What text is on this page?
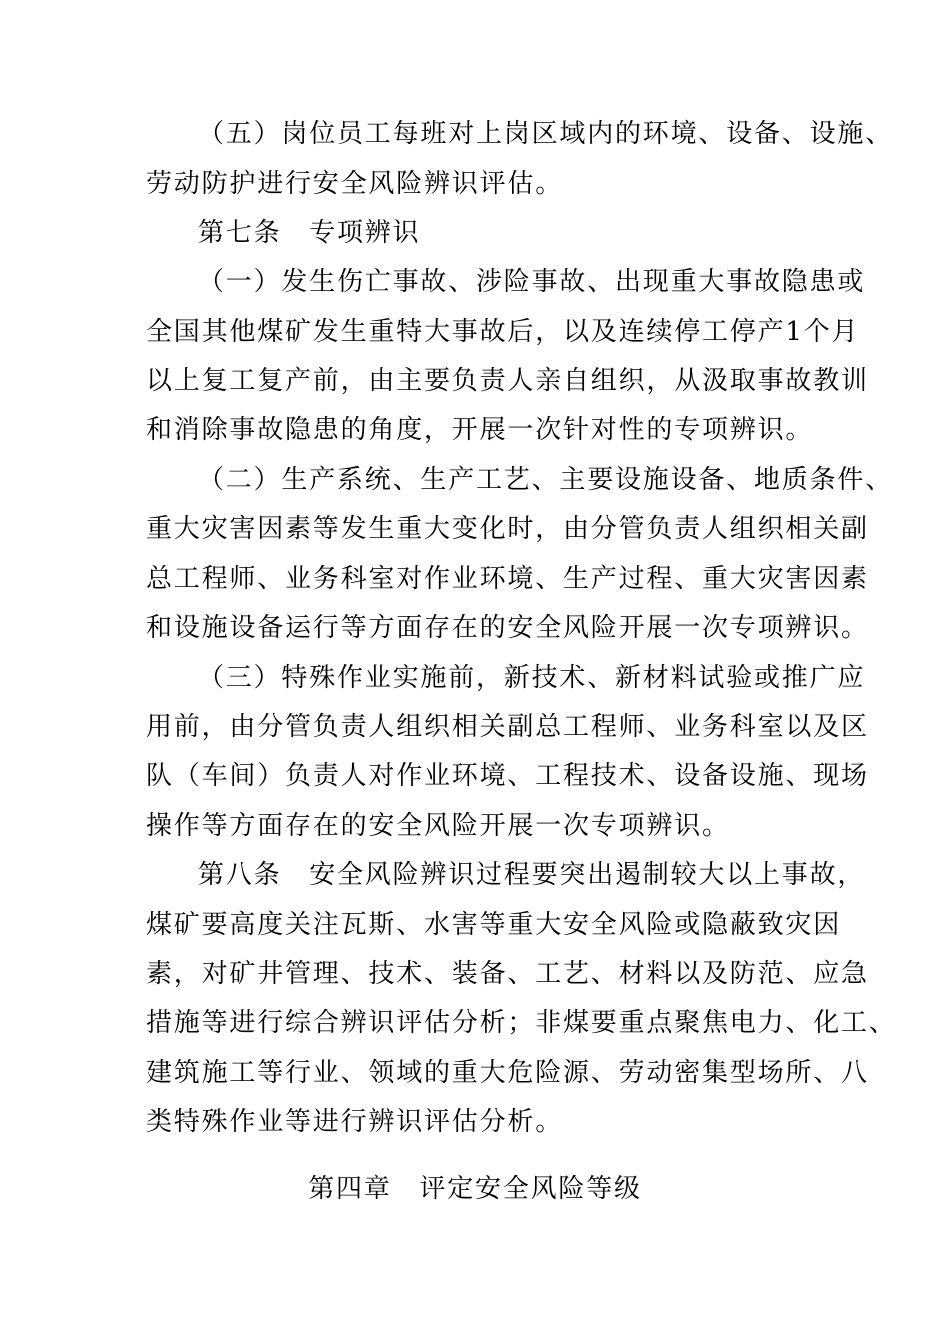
（五）岗位员工每班对上岗区域内的环境、设备、设施、
劳动防护进行安全风险辨识评估。
第七条　专项辨识
（一）发生伤亡事故、涉险事故、出现重大事故隐患或
全国其他煤矿发生重特大事故后，以及连续停工停产1个月
以上复工复产前，由主要负责人亲自组织，从汲取事故教训
和消除事故隐患的角度，开展一次针对性的专项辨识。
（二）生产系统、生产工艺、主要设施设备、地质条件、
重大灾害因素等发生重大变化时，由分管负责人组织相关副
总工程师、业务科室对作业环境、生产过程、重大灾害因素
和设施设备运行等方面存在的安全风险开展一次专项辨识。
（三）特殊作业实施前，新技术、新材料试验或推广应
用前，由分管负责人组织相关副总工程师、业务科室以及区
队（车间）负责人对作业环境、工程技术、设备设施、现场
操作等方面存在的安全风险开展一次专项辨识。
第八条　安全风险辨识过程要突出遏制较大以上事故，
煤矿要高度关注瓦斯、水害等重大安全风险或隐蔽致灾因
素，对矿井管理、技术、装备、工艺、材料以及防范、应急
措施等进行综合辨识评估分析；非煤要重点聚焦电力、化工、
建筑施工等行业、领域的重大危险源、劳动密集型场所、八
类特殊作业等进行辨识评估分析。
第四章　评定安全风险等级
